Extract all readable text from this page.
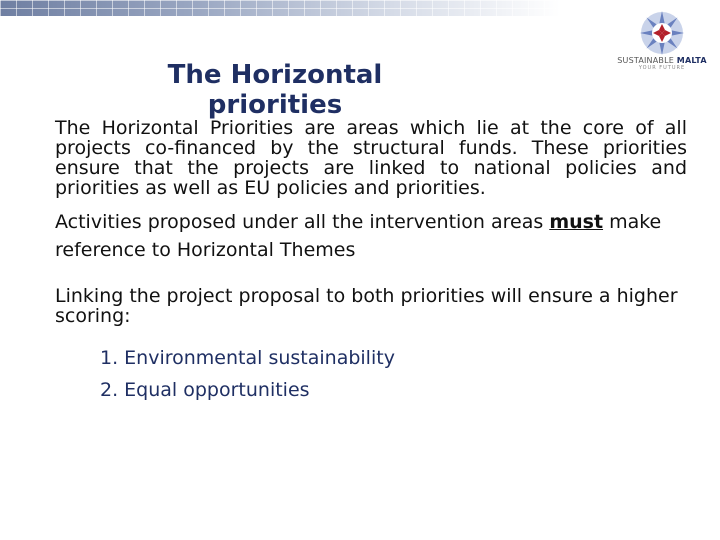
The Horizontal priorities
SUSTAINABLE MALTA
YOUR FUTURE

The Horizontal Priorities are areas which lie at the core of all projects co-financed by the structural funds. These priorities ensure that the projects are linked to national policies and priorities as well as EU policies and priorities.

Activities proposed under all the intervention areas must make reference to Horizontal Themes

Linking the project proposal to both priorities will ensure a higher scoring:

1. Environmental sustainability
2. Equal opportunities
